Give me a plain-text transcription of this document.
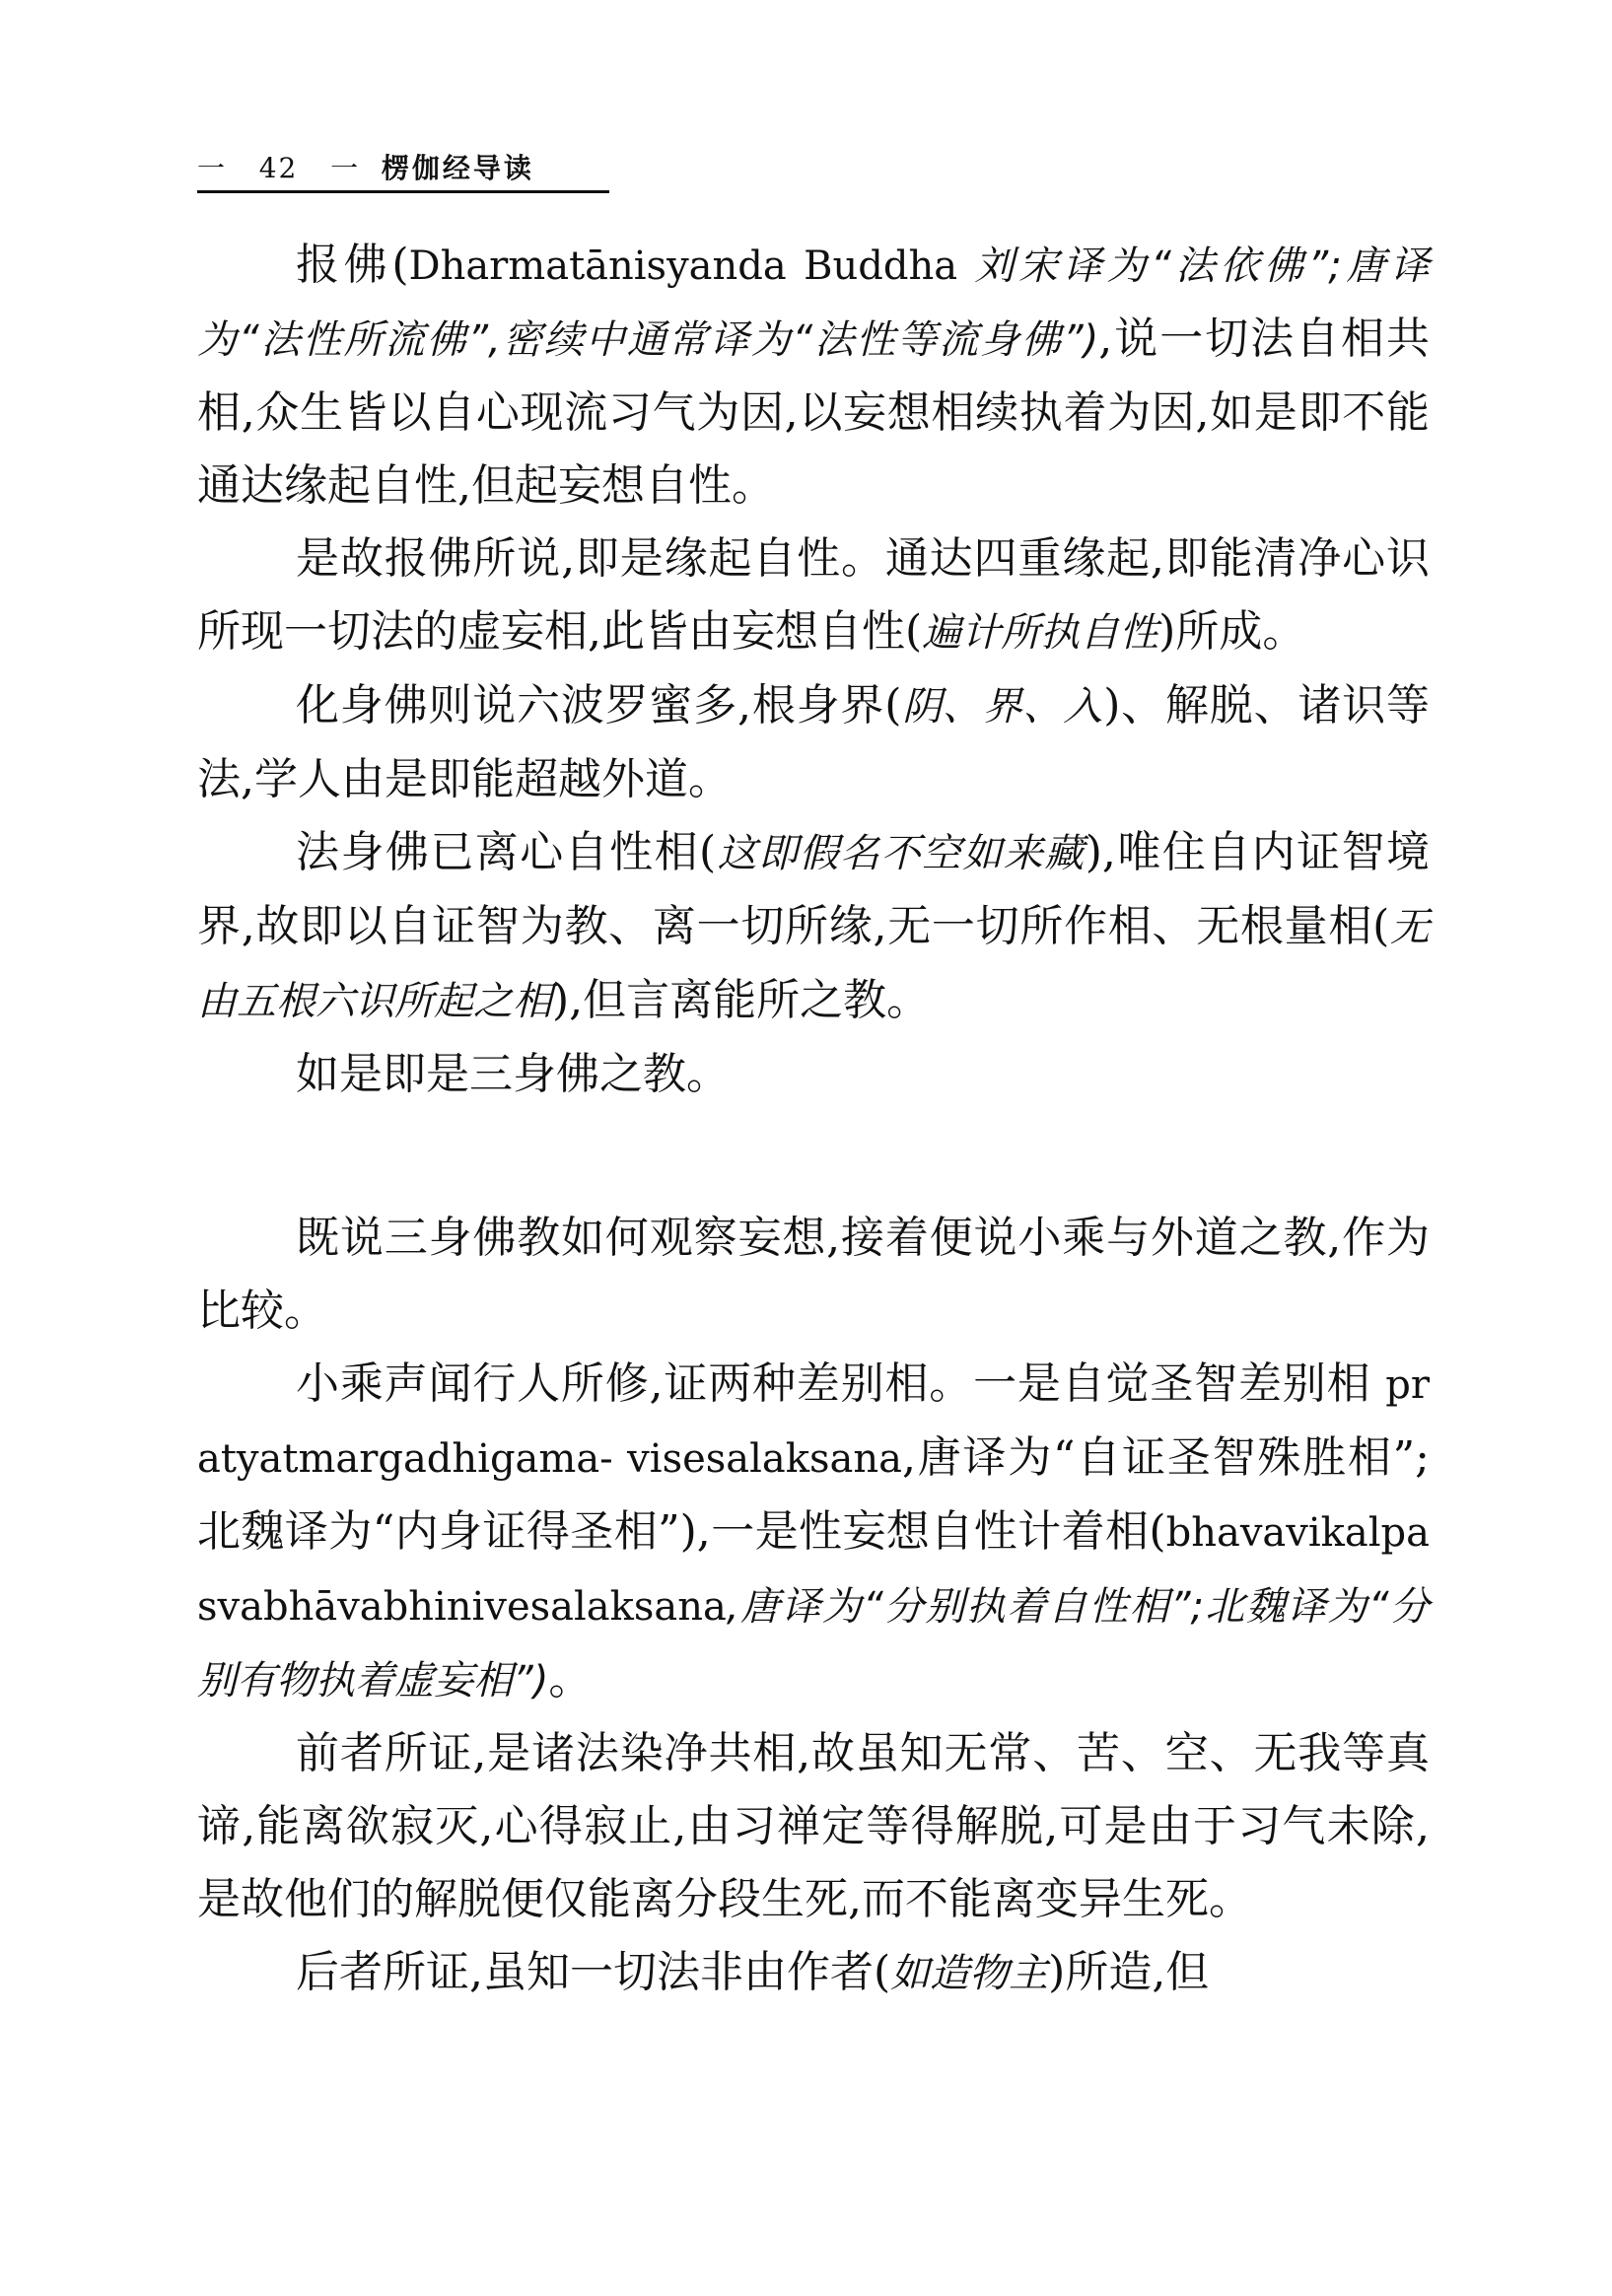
一 42 一 楞伽经导读

报佛(Dharmatānisyanda Buddha 刘宋译为“法依佛”;唐译为“法性所流佛”,密续中通常译为“法性等流身佛”),说一切法自相共相,众生皆以自心现流习气为因,以妄想相续执着为因,如是即不能通达缘起自性,但起妄想自性。

是故报佛所说,即是缘起自性。通达四重缘起,即能清净心识所现一切法的虚妄相,此皆由妄想自性(遍计所执自性)所成。

化身佛则说六波罗蜜多,根身界(阴、界、入)、解脱、诸识等法,学人由是即能超越外道。

法身佛已离心自性相(这即假名不空如来藏),唯住自内证智境界,故即以自证智为教、离一切所缘,无一切所作相、无根量相(无由五根六识所起之相),但言离能所之教。

如是即是三身佛之教。

既说三身佛教如何观察妄想,接着便说小乘与外道之教,作为比较。

小乘声闻行人所修,证两种差别相。一是自觉圣智差别相 pratyatmargadhigama- visesalaksana,唐译为“自证圣智殊胜相”;北魏译为“内身证得圣相”),一是性妄想自性计着相(bhavavikalpasvabhāvabhinivesalaksana,唐译为“分别执着自性相”;北魏译为“分别有物执着虚妄相”)。

前者所证,是诸法染净共相,故虽知无常、苦、空、无我等真谛,能离欲寂灭,心得寂止,由习禅定等得解脱,可是由于习气未除,是故他们的解脱便仅能离分段生死,而不能离变异生死。

后者所证,虽知一切法非由作者(如造物主)所造,但
